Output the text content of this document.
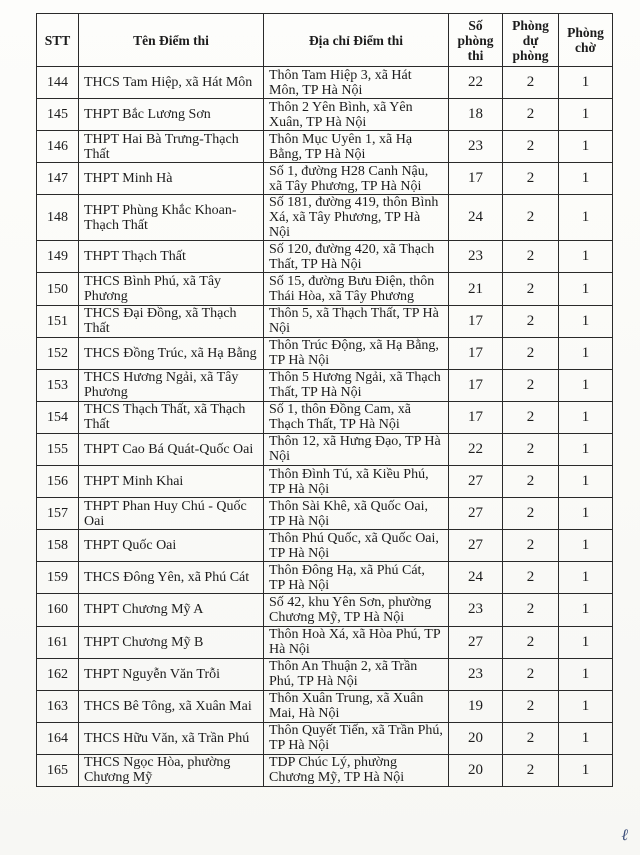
STT	Tên Điểm thi	Địa chỉ Điểm thi	Số phòng thi	Phòng dự phòng	Phòng chờ
144	THCS Tam Hiệp, xã Hát Môn	Thôn Tam Hiệp 3, xã Hát Môn, TP Hà Nội	22	2	1
145	THPT Bắc Lương Sơn	Thôn 2 Yên Bình, xã Yên Xuân, TP Hà Nội	18	2	1
146	THPT Hai Bà Trưng-Thạch Thất	Thôn Mục Uyên 1, xã Hạ Bằng, TP Hà Nội	23	2	1
147	THPT Minh Hà	Số 1, đường H28 Canh Nậu, xã Tây Phương, TP Hà Nội	17	2	1
148	THPT Phùng Khắc Khoan-Thạch Thất	Số 181, đường 419, thôn Bình Xá, xã Tây Phương, TP Hà Nội	24	2	1
149	THPT Thạch Thất	Số 120, đường 420, xã Thạch Thất, TP Hà Nội	23	2	1
150	THCS Bình Phú, xã Tây Phương	Số 15, đường Bưu Điện, thôn Thái Hòa, xã Tây Phương	21	2	1
151	THCS Đại Đồng, xã Thạch Thất	Thôn 5, xã Thạch Thất, TP Hà Nội	17	2	1
152	THCS Đồng Trúc, xã Hạ Bằng	Thôn Trúc Động, xã Hạ Bằng, TP Hà Nội	17	2	1
153	THCS Hương Ngải, xã Tây Phương	Thôn 5 Hương Ngải, xã Thạch Thất, TP Hà Nội	17	2	1
154	THCS Thạch Thất, xã Thạch Thất	Số 1, thôn Đồng Cam, xã Thạch Thất, TP Hà Nội	17	2	1
155	THPT Cao Bá Quát-Quốc Oai	Thôn 12, xã Hưng Đạo, TP Hà Nội	22	2	1
156	THPT Minh Khai	Thôn Đình Tú, xã Kiều Phú, TP Hà Nội	27	2	1
157	THPT Phan Huy Chú - Quốc Oai	Thôn Sài Khê, xã Quốc Oai, TP Hà Nội	27	2	1
158	THPT Quốc Oai	Thôn Phú Quốc, xã Quốc Oai, TP Hà Nội	27	2	1
159	THCS Đông Yên, xã Phú Cát	Thôn Đông Hạ, xã Phú Cát, TP Hà Nội	24	2	1
160	THPT Chương Mỹ A	Số 42, khu Yên Sơn, phường Chương Mỹ, TP Hà Nội	23	2	1
161	THPT Chương Mỹ B	Thôn Hoà Xá, xã Hòa Phú, TP Hà Nội	27	2	1
162	THPT Nguyễn Văn Trỗi	Thôn An Thuận 2, xã Trần Phú, TP Hà Nội	23	2	1
163	THCS Bê Tông, xã Xuân Mai	Thôn Xuân Trung, xã Xuân Mai, Hà Nội	19	2	1
164	THCS Hữu Văn, xã Trần Phú	Thôn Quyết Tiến, xã Trần Phú, TP Hà Nội	20	2	1
165	THCS Ngọc Hòa, phường Chương Mỹ	TDP Chúc Lý, phường Chương Mỹ, TP Hà Nội	20	2	1
ℓ
